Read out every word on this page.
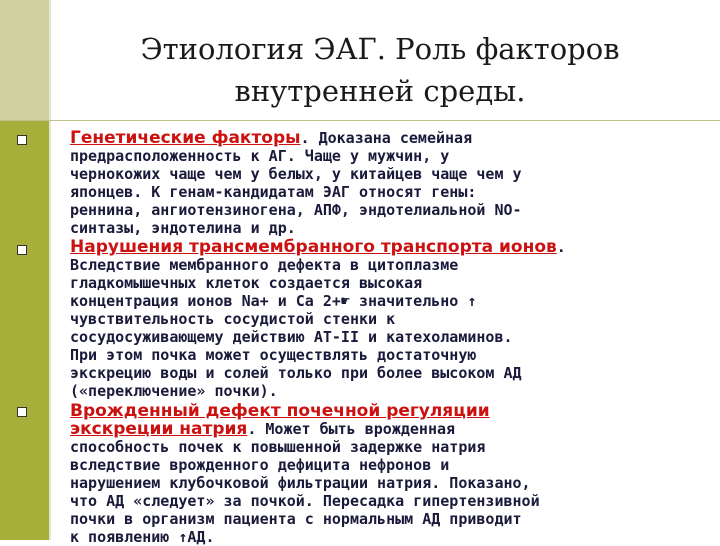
Этиология ЭАГ. Роль факторов
внутренней среды.
Генетические факторы. Доказана семейная
предрасположенность к АГ. Чаще у мужчин, у
чернокожих чаще чем у белых, у китайцев чаще чем у
японцев. К генам-кандидатам ЭАГ относят гены:
реннина, ангиотензиногена, АПФ, эндотелиальной NO-
синтазы, эндотелина и др.
Нарушения трансмембранного транспорта ионов.
Вследствие мембранного дефекта в цитоплазме
гладкомышечных клеток создается высокая
концентрация ионов Na+ и Ca 2+☛ значительно ↑
чувствительность сосудистой стенки к
сосудосуживающему действию AT-II и катехоламинов.
При этом почка может осуществлять достаточную
экскрецию воды и солей только при более высоком АД
(«переключение» почки).
Врожденный дефект почечной регуляции
экскреции натрия. Может быть врожденная
способность почек к повышенной задержке натрия
вследствие врожденного дефицита нефронов и
нарушением клубочковой фильтрации натрия. Показано,
что АД «следует» за почкой. Пересадка гипертензивной
почки в организм пациента с нормальным АД приводит
к появлению ↑АД.
